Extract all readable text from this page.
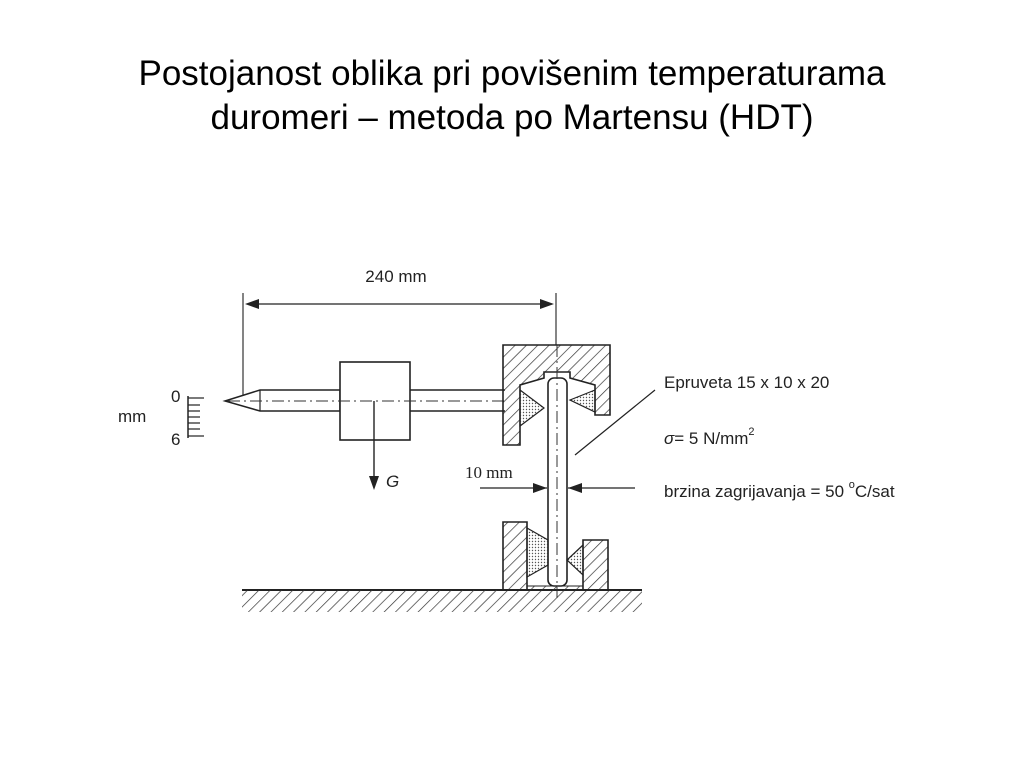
Postojanost oblika pri povišenim temperaturama
duromeri – metoda po Martensu (HDT)
240 mm
mm
0
6
G	10 mm
Epruveta 15 x 10 x 20
σ= 5 $N/mm^2$
brzina zagrijavanja = 50 $^o$C/sat
